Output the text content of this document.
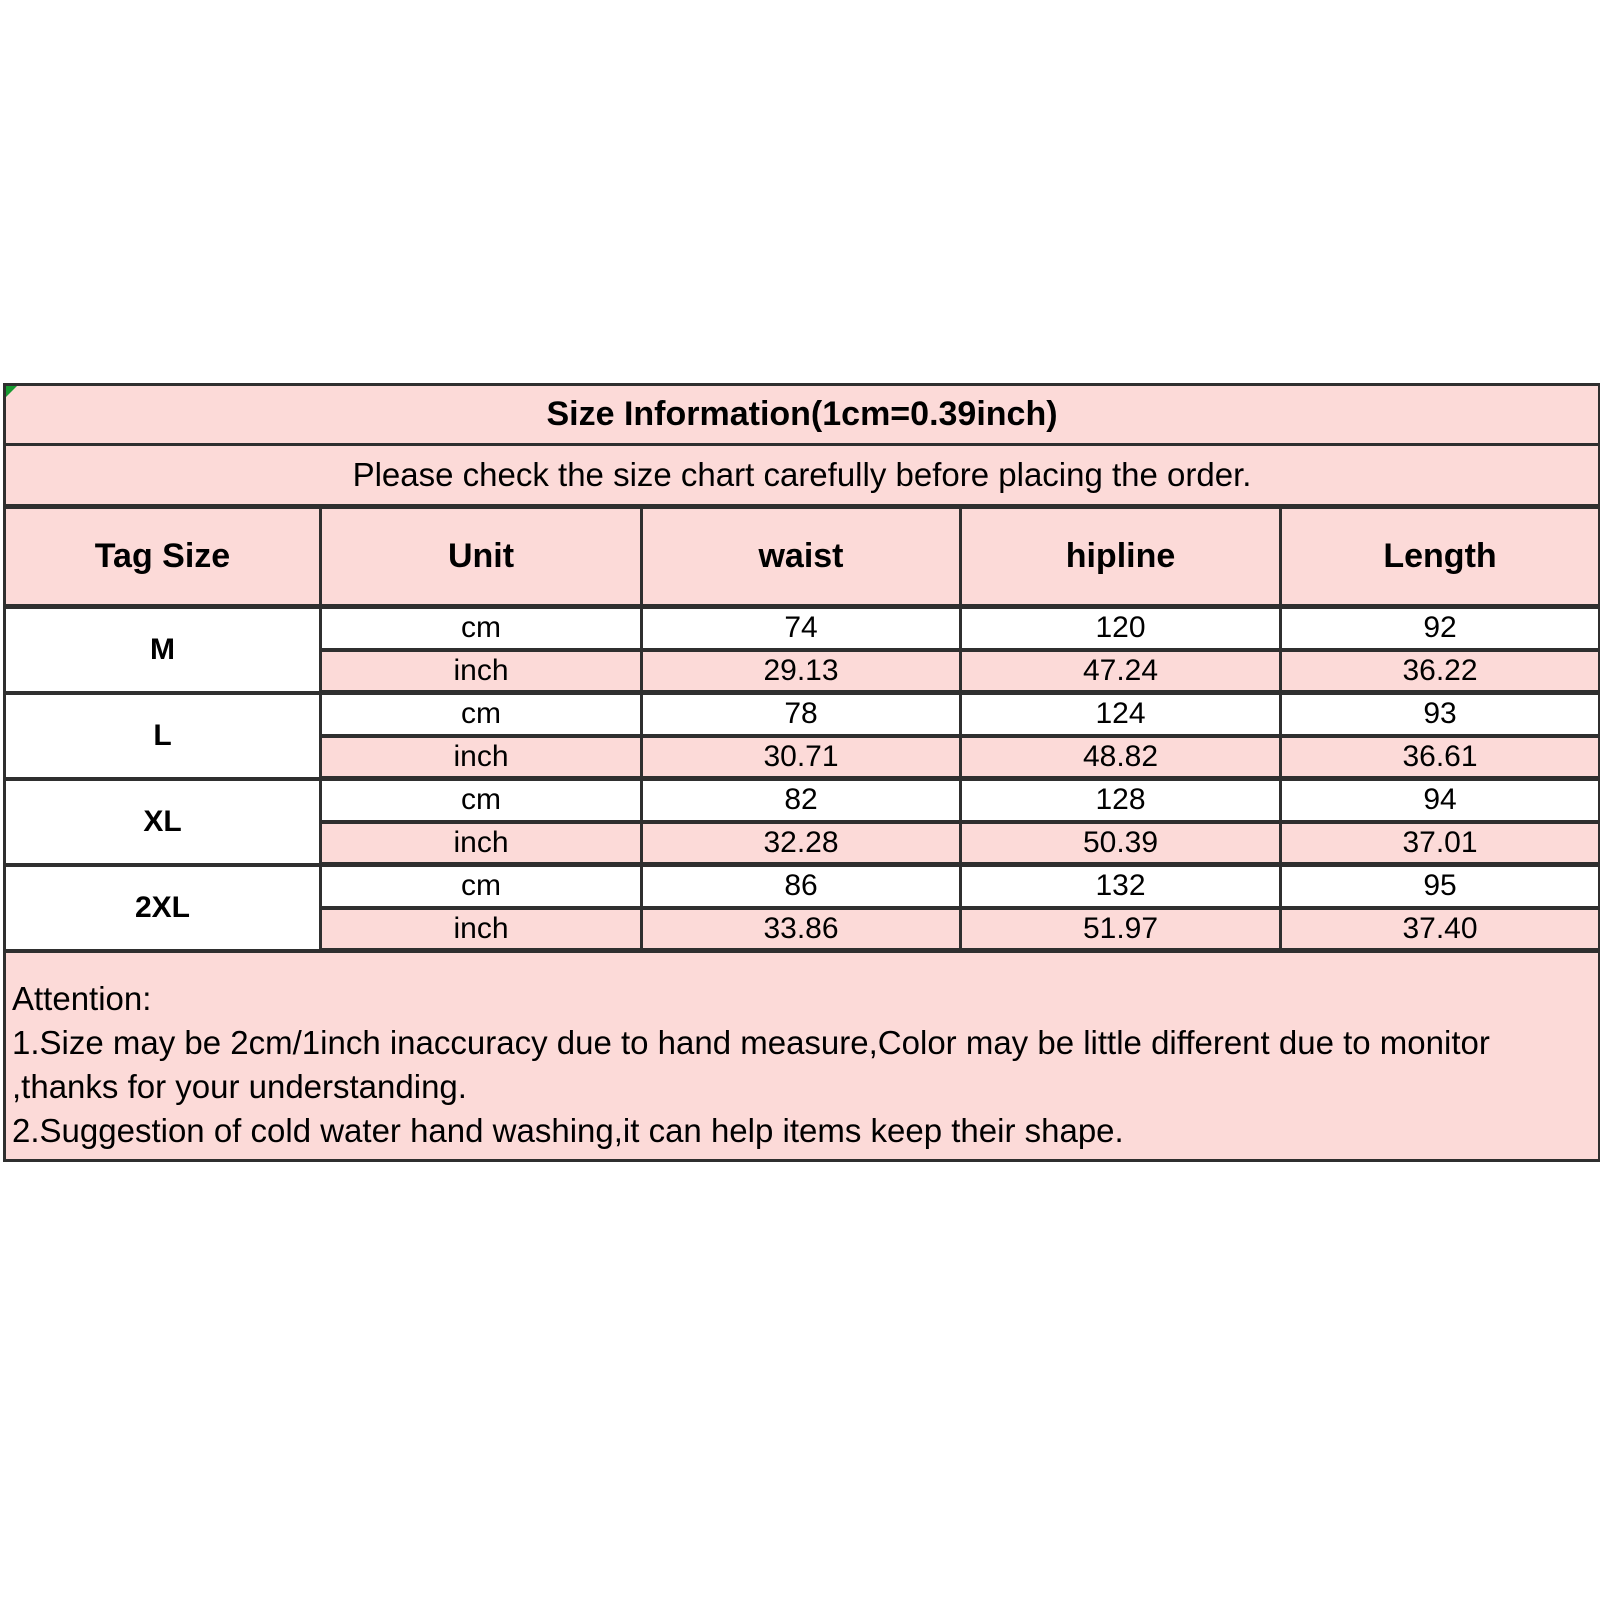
Size Information(1cm=0.39inch)				
Please check the size chart carefully before placing the order.				
Tag Size	Unit	waist	hipline	Length
M	cm	74	120	92
	inch	29.13	47.24	36.22
L	cm	78	124	93
	inch	30.71	48.82	36.61
XL	cm	82	128	94
	inch	32.28	50.39	37.01
2XL	cm	86	132	95
	inch	33.86	51.97	37.40

Attention:
1.Size may be 2cm/1inch inaccuracy due to hand measure,Color may be little different due to monitor
,thanks for your understanding.
2.Suggestion of cold water hand washing,it can help items keep their shape.				
